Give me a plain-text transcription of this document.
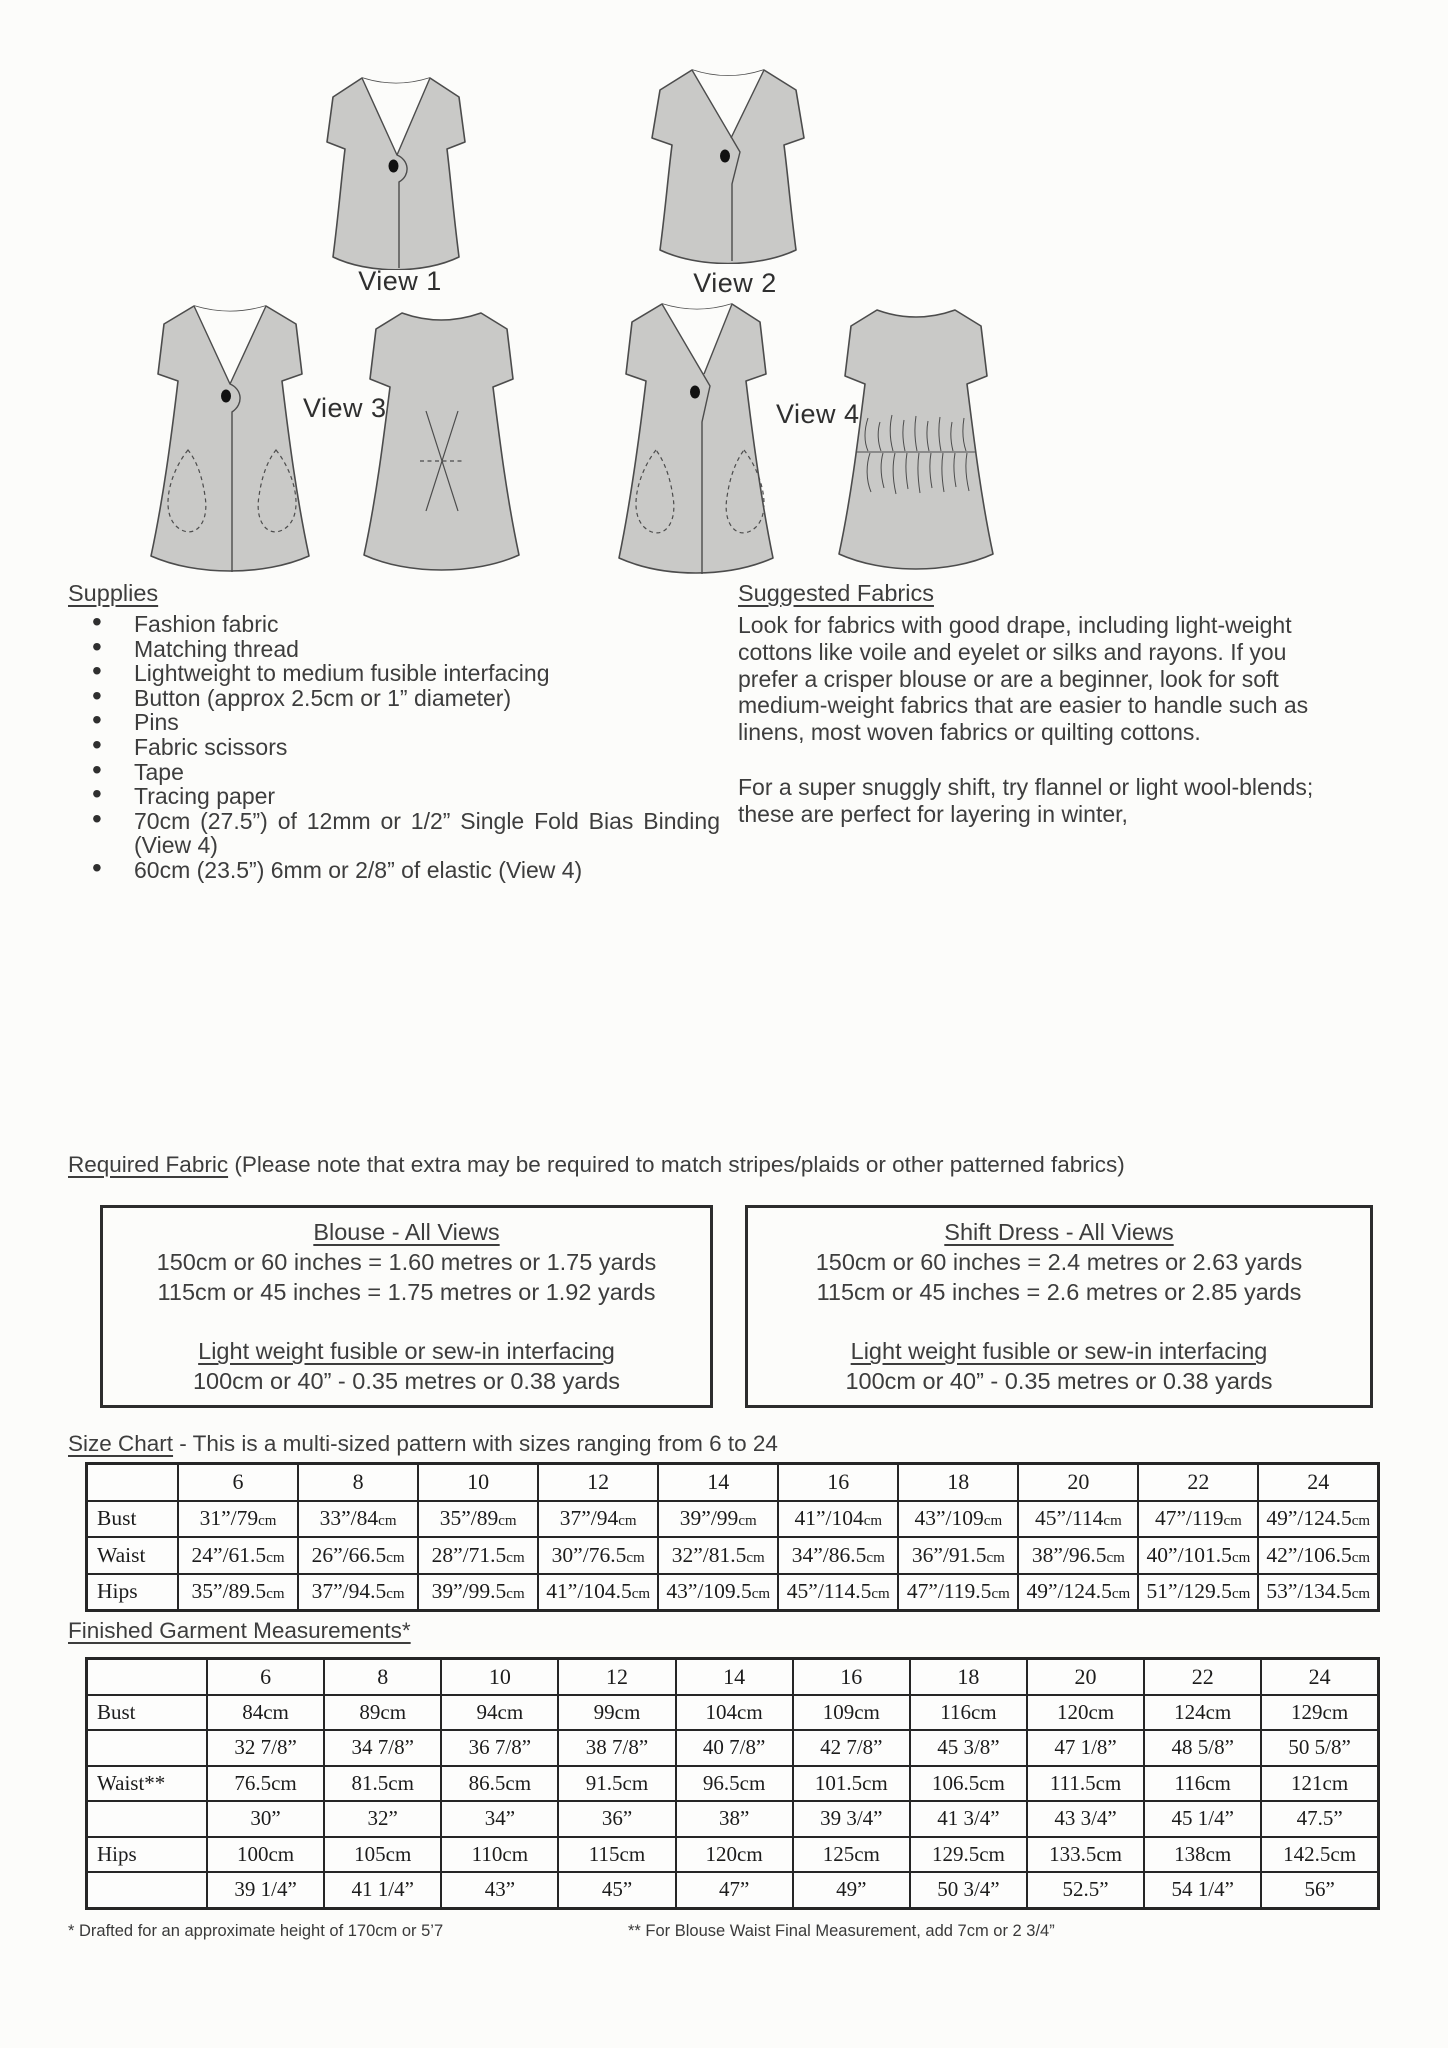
View 1	View 2
View 3	View 4
Supplies
• Fashion fabric
• Matching thread
• Lightweight to medium fusible interfacing
• Button (approx 2.5cm or 1” diameter)
• Pins
• Fabric scissors
• Tape
• Tracing paper
• 70cm (27.5”) of 12mm or 1/2” Single Fold Bias Binding (View 4)
• 60cm (23.5”) 6mm or 2/8” of elastic (View 4)
Suggested Fabrics

Look for fabrics with good drape, including light-weight cottons like voile and eyelet or silks and rayons. If you prefer a crisper blouse or are a beginner, look for soft medium-weight fabrics that are easier to handle such as linens, most woven fabrics or quilting cottons.

For a super snuggly shift, try flannel or light wool-blends; these are perfect for layering in winter,

Required Fabric (Please note that extra may be required to match stripes/plaids or other patterned fabrics)
Blouse - All Views
150cm or 60 inches = 1.60 metres or 1.75 yards
115cm or 45 inches = 1.75 metres or 1.92 yards
Light weight fusible or sew-in interfacing
100cm or 40” - 0.35 metres or 0.38 yards
Shift Dress - All Views
150cm or 60 inches = 2.4 metres or 2.63 yards
115cm or 45 inches = 2.6 metres or 2.85 yards
Light weight fusible or sew-in interfacing
100cm or 40” - 0.35 metres or 0.38 yards
Size Chart - This is a multi-sized pattern with sizes ranging from 6 to 24
	6	8	10	12	14	16	18	20	22	24
Bust	31”/79cm	33”/84cm	35”/89cm	37”/94cm	39”/99cm	41”/104cm	43”/109cm	45”/114cm	47”/119cm	49”/124.5cm
Waist	24”/61.5cm	26”/66.5cm	28”/71.5cm	30”/76.5cm	32”/81.5cm	34”/86.5cm	36”/91.5cm	38”/96.5cm	40”/101.5cm	42”/106.5cm
Hips	35”/89.5cm	37”/94.5cm	39”/99.5cm	41”/104.5cm	43”/109.5cm	45”/114.5cm	47”/119.5cm	49”/124.5cm	51”/129.5cm	53”/134.5cm
Finished Garment Measurements*
	6	8	10	12	14	16	18	20	22	24
Bust	84cm	89cm	94cm	99cm	104cm	109cm	116cm	120cm	124cm	129cm
	32 7/8”	34 7/8”	36 7/8”	38 7/8”	40 7/8”	42 7/8”	45 3/8”	47 1/8”	48 5/8”	50 5/8”
Waist**	76.5cm	81.5cm	86.5cm	91.5cm	96.5cm	101.5cm	106.5cm	111.5cm	116cm	121cm
	30”	32”	34”	36”	38”	39 3/4”	41 3/4”	43 3/4”	45 1/4”	47.5”
Hips	100cm	105cm	110cm	115cm	120cm	125cm	129.5cm	133.5cm	138cm	142.5cm
	39 1/4”	41 1/4”	43”	45”	47”	49”	50 3/4”	52.5”	54 1/4”	56”
* Drafted for an approximate height of 170cm or 5’7	** For Blouse Waist Final Measurement, add 7cm or 2 3/4”
